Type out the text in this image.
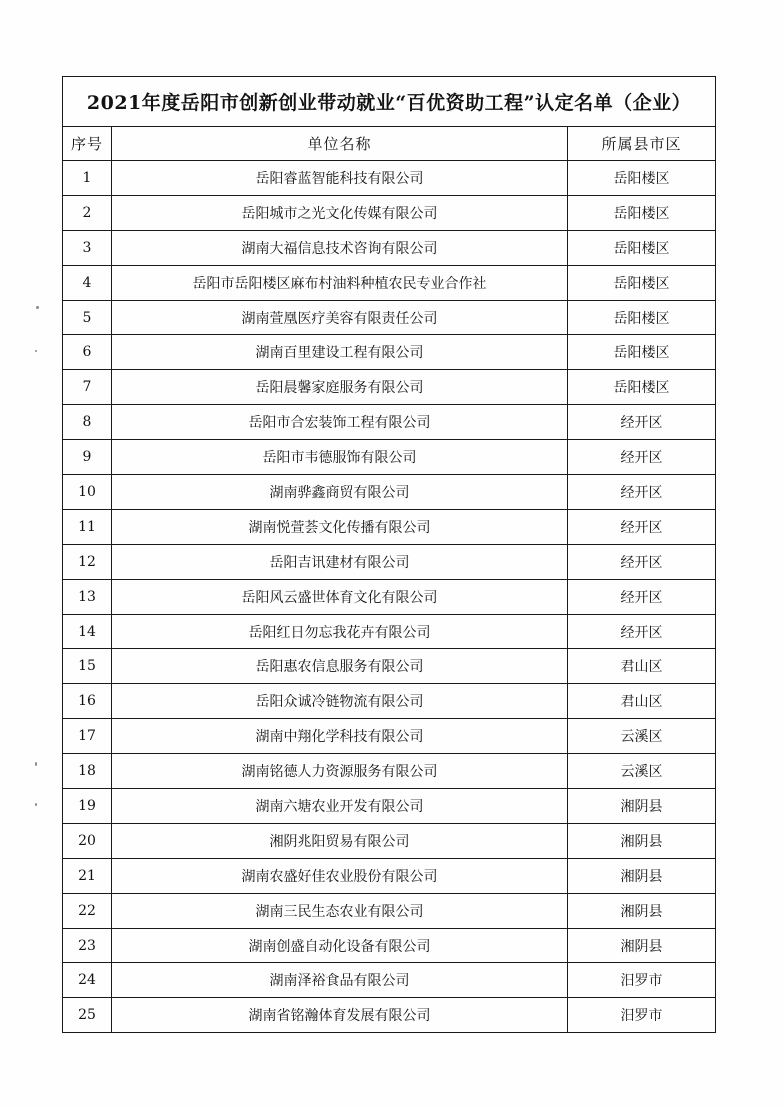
2021年度岳阳市创新创业带动就业“百优资助工程”认定名单（企业）		
序号	单位名称	所属县市区
1	岳阳睿蓝智能科技有限公司	岳阳楼区
2	岳阳城市之光文化传媒有限公司	岳阳楼区
3	湖南大福信息技术咨询有限公司	岳阳楼区
4	岳阳市岳阳楼区麻布村油料种植农民专业合作社	岳阳楼区
5	湖南萱凰医疗美容有限责任公司	岳阳楼区
6	湖南百里建设工程有限公司	岳阳楼区
7	岳阳晨馨家庭服务有限公司	岳阳楼区
8	岳阳市合宏装饰工程有限公司	经开区
9	岳阳市韦德服饰有限公司	经开区
10	湖南骅鑫商贸有限公司	经开区
11	湖南悦萱荟文化传播有限公司	经开区
12	岳阳吉讯建材有限公司	经开区
13	岳阳风云盛世体育文化有限公司	经开区
14	岳阳红日勿忘我花卉有限公司	经开区
15	岳阳惠农信息服务有限公司	君山区
16	岳阳众诚冷链物流有限公司	君山区
17	湖南中翔化学科技有限公司	云溪区
18	湖南铭德人力资源服务有限公司	云溪区
19	湖南六塘农业开发有限公司	湘阴县
20	湘阴兆阳贸易有限公司	湘阴县
21	湖南农盛好佳农业股份有限公司	湘阴县
22	湖南三民生态农业有限公司	湘阴县
23	湖南创盛自动化设备有限公司	湘阴县
24	湖南泽裕食品有限公司	汨罗市
25	湖南省铭瀚体育发展有限公司	汨罗市
